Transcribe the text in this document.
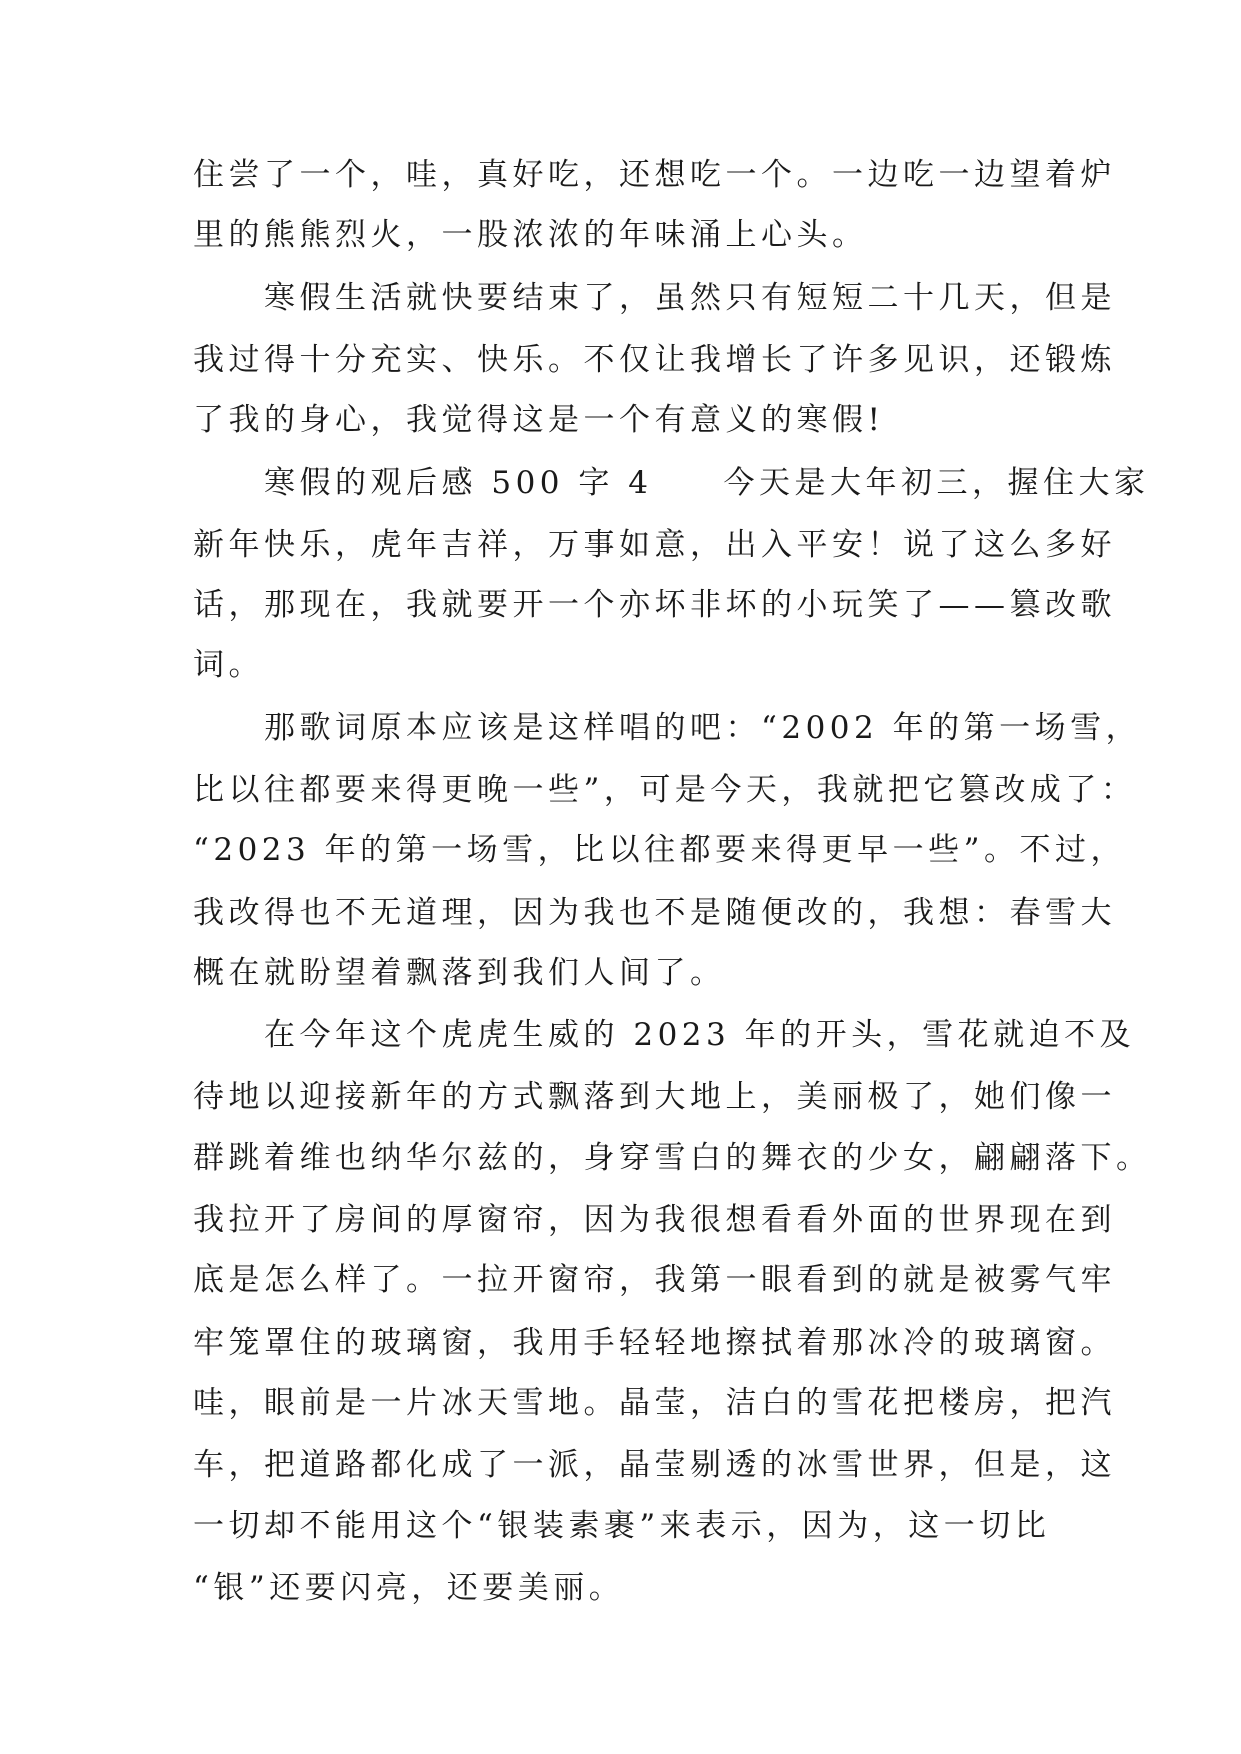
住尝了一个，哇，真好吃，还想吃一个。一边吃一边望着炉
里的熊熊烈火，一股浓浓的年味涌上心头。
　　寒假生活就快要结束了，虽然只有短短二十几天，但是
我过得十分充实、快乐。不仅让我增长了许多见识，还锻炼
了我的身心，我觉得这是一个有意义的寒假!
　　寒假的观后感 500 字 4　　今天是大年初三，握住大家
新年快乐，虎年吉祥，万事如意，出入平安！说了这么多好
话，那现在，我就要开一个亦坏非坏的小玩笑了——篡改歌
词。
　　那歌词原本应该是这样唱的吧：“2002 年的第一场雪，
比以往都要来得更晚一些”，可是今天，我就把它篡改成了：
“2023 年的第一场雪，比以往都要来得更早一些”。不过，
我改得也不无道理，因为我也不是随便改的，我想：春雪大
概在就盼望着飘落到我们人间了。
　　在今年这个虎虎生威的 2023 年的开头，雪花就迫不及
待地以迎接新年的方式飘落到大地上，美丽极了，她们像一
群跳着维也纳华尔兹的，身穿雪白的舞衣的少女，翩翩落下。
我拉开了房间的厚窗帘，因为我很想看看外面的世界现在到
底是怎么样了。一拉开窗帘，我第一眼看到的就是被雾气牢
牢笼罩住的玻璃窗，我用手轻轻地擦拭着那冰冷的玻璃窗。
哇，眼前是一片冰天雪地。晶莹，洁白的雪花把楼房，把汽
车，把道路都化成了一派，晶莹剔透的冰雪世界，但是，这
一切却不能用这个“银装素裹”来表示，因为，这一切比
“银”还要闪亮，还要美丽。
